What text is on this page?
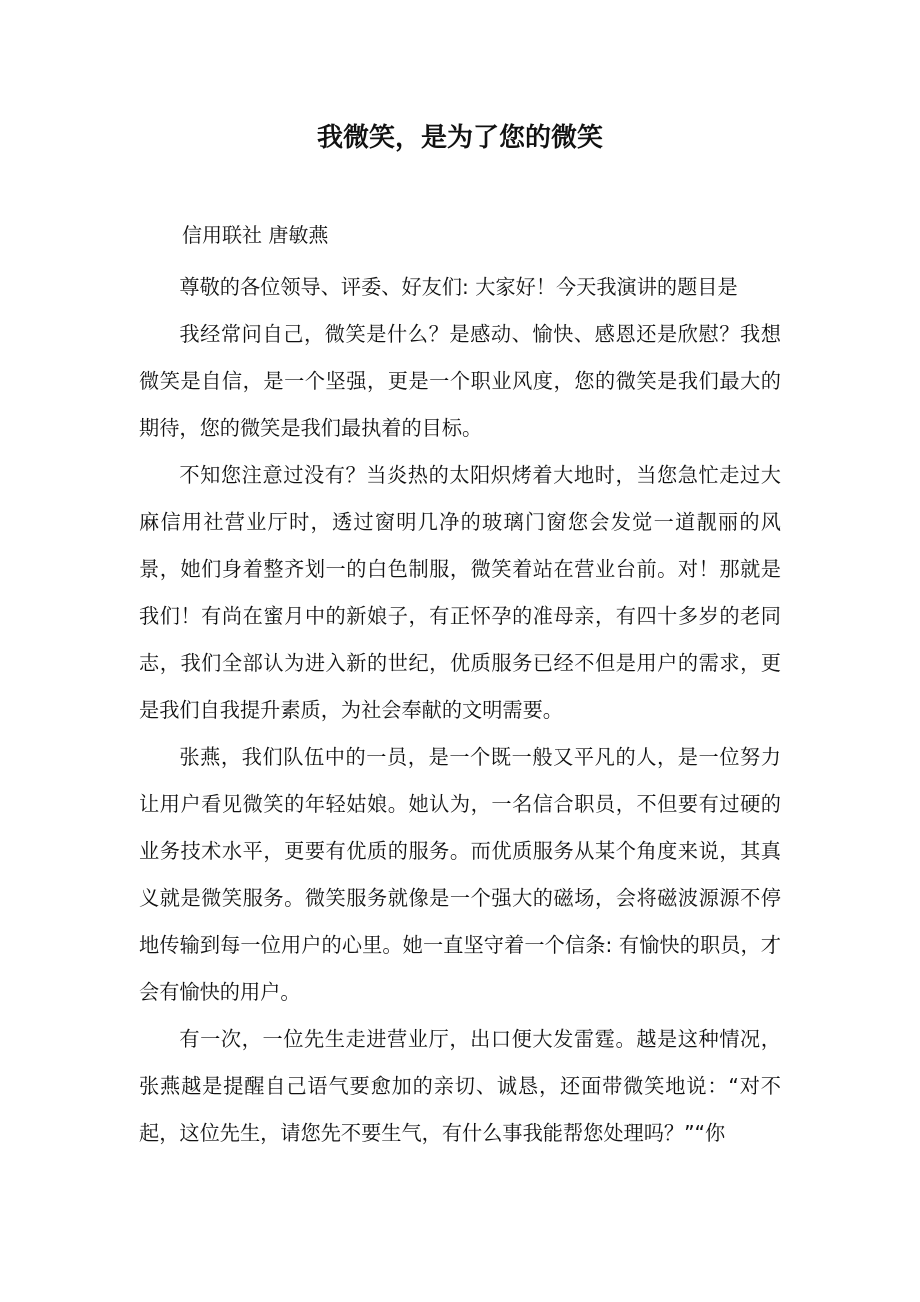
我微笑，是为了您的微笑
信用联社 唐敏燕

尊敬的各位领导、评委、好友们: 大家好！今天我演讲的题目是

我经常问自己，微笑是什么？是感动、愉快、感恩还是欣慰？我想微笑是自信，是一个坚强，更是一个职业风度，您的微笑是我们最大的期待，您的微笑是我们最执着的目标。

不知您注意过没有？当炎热的太阳炽烤着大地时，当您急忙走过大麻信用社营业厅时，透过窗明几净的玻璃门窗您会发觉一道靓丽的风景，她们身着整齐划一的白色制服，微笑着站在营业台前。对！那就是我们！有尚在蜜月中的新娘子，有正怀孕的准母亲，有四十多岁的老同志，我们全部认为进入新的世纪，优质服务已经不但是用户的需求，更是我们自我提升素质，为社会奉献的文明需要。

张燕，我们队伍中的一员，是一个既一般又平凡的人，是一位努力让用户看见微笑的年轻姑娘。她认为，一名信合职员，不但要有过硬的业务技术水平，更要有优质的服务。而优质服务从某个角度来说，其真义就是微笑服务。微笑服务就像是一个强大的磁场，会将磁波源源不停地传输到每一位用户的心里。她一直坚守着一个信条: 有愉快的职员，才会有愉快的用户。

有一次，一位先生走进营业厅，出口便大发雷霆。越是这种情况，张燕越是提醒自己语气要愈加的亲切、诚恳，还面带微笑地说：“对不起，这位先生，请您先不要生气，有什么事我能帮您处理吗？”“你
